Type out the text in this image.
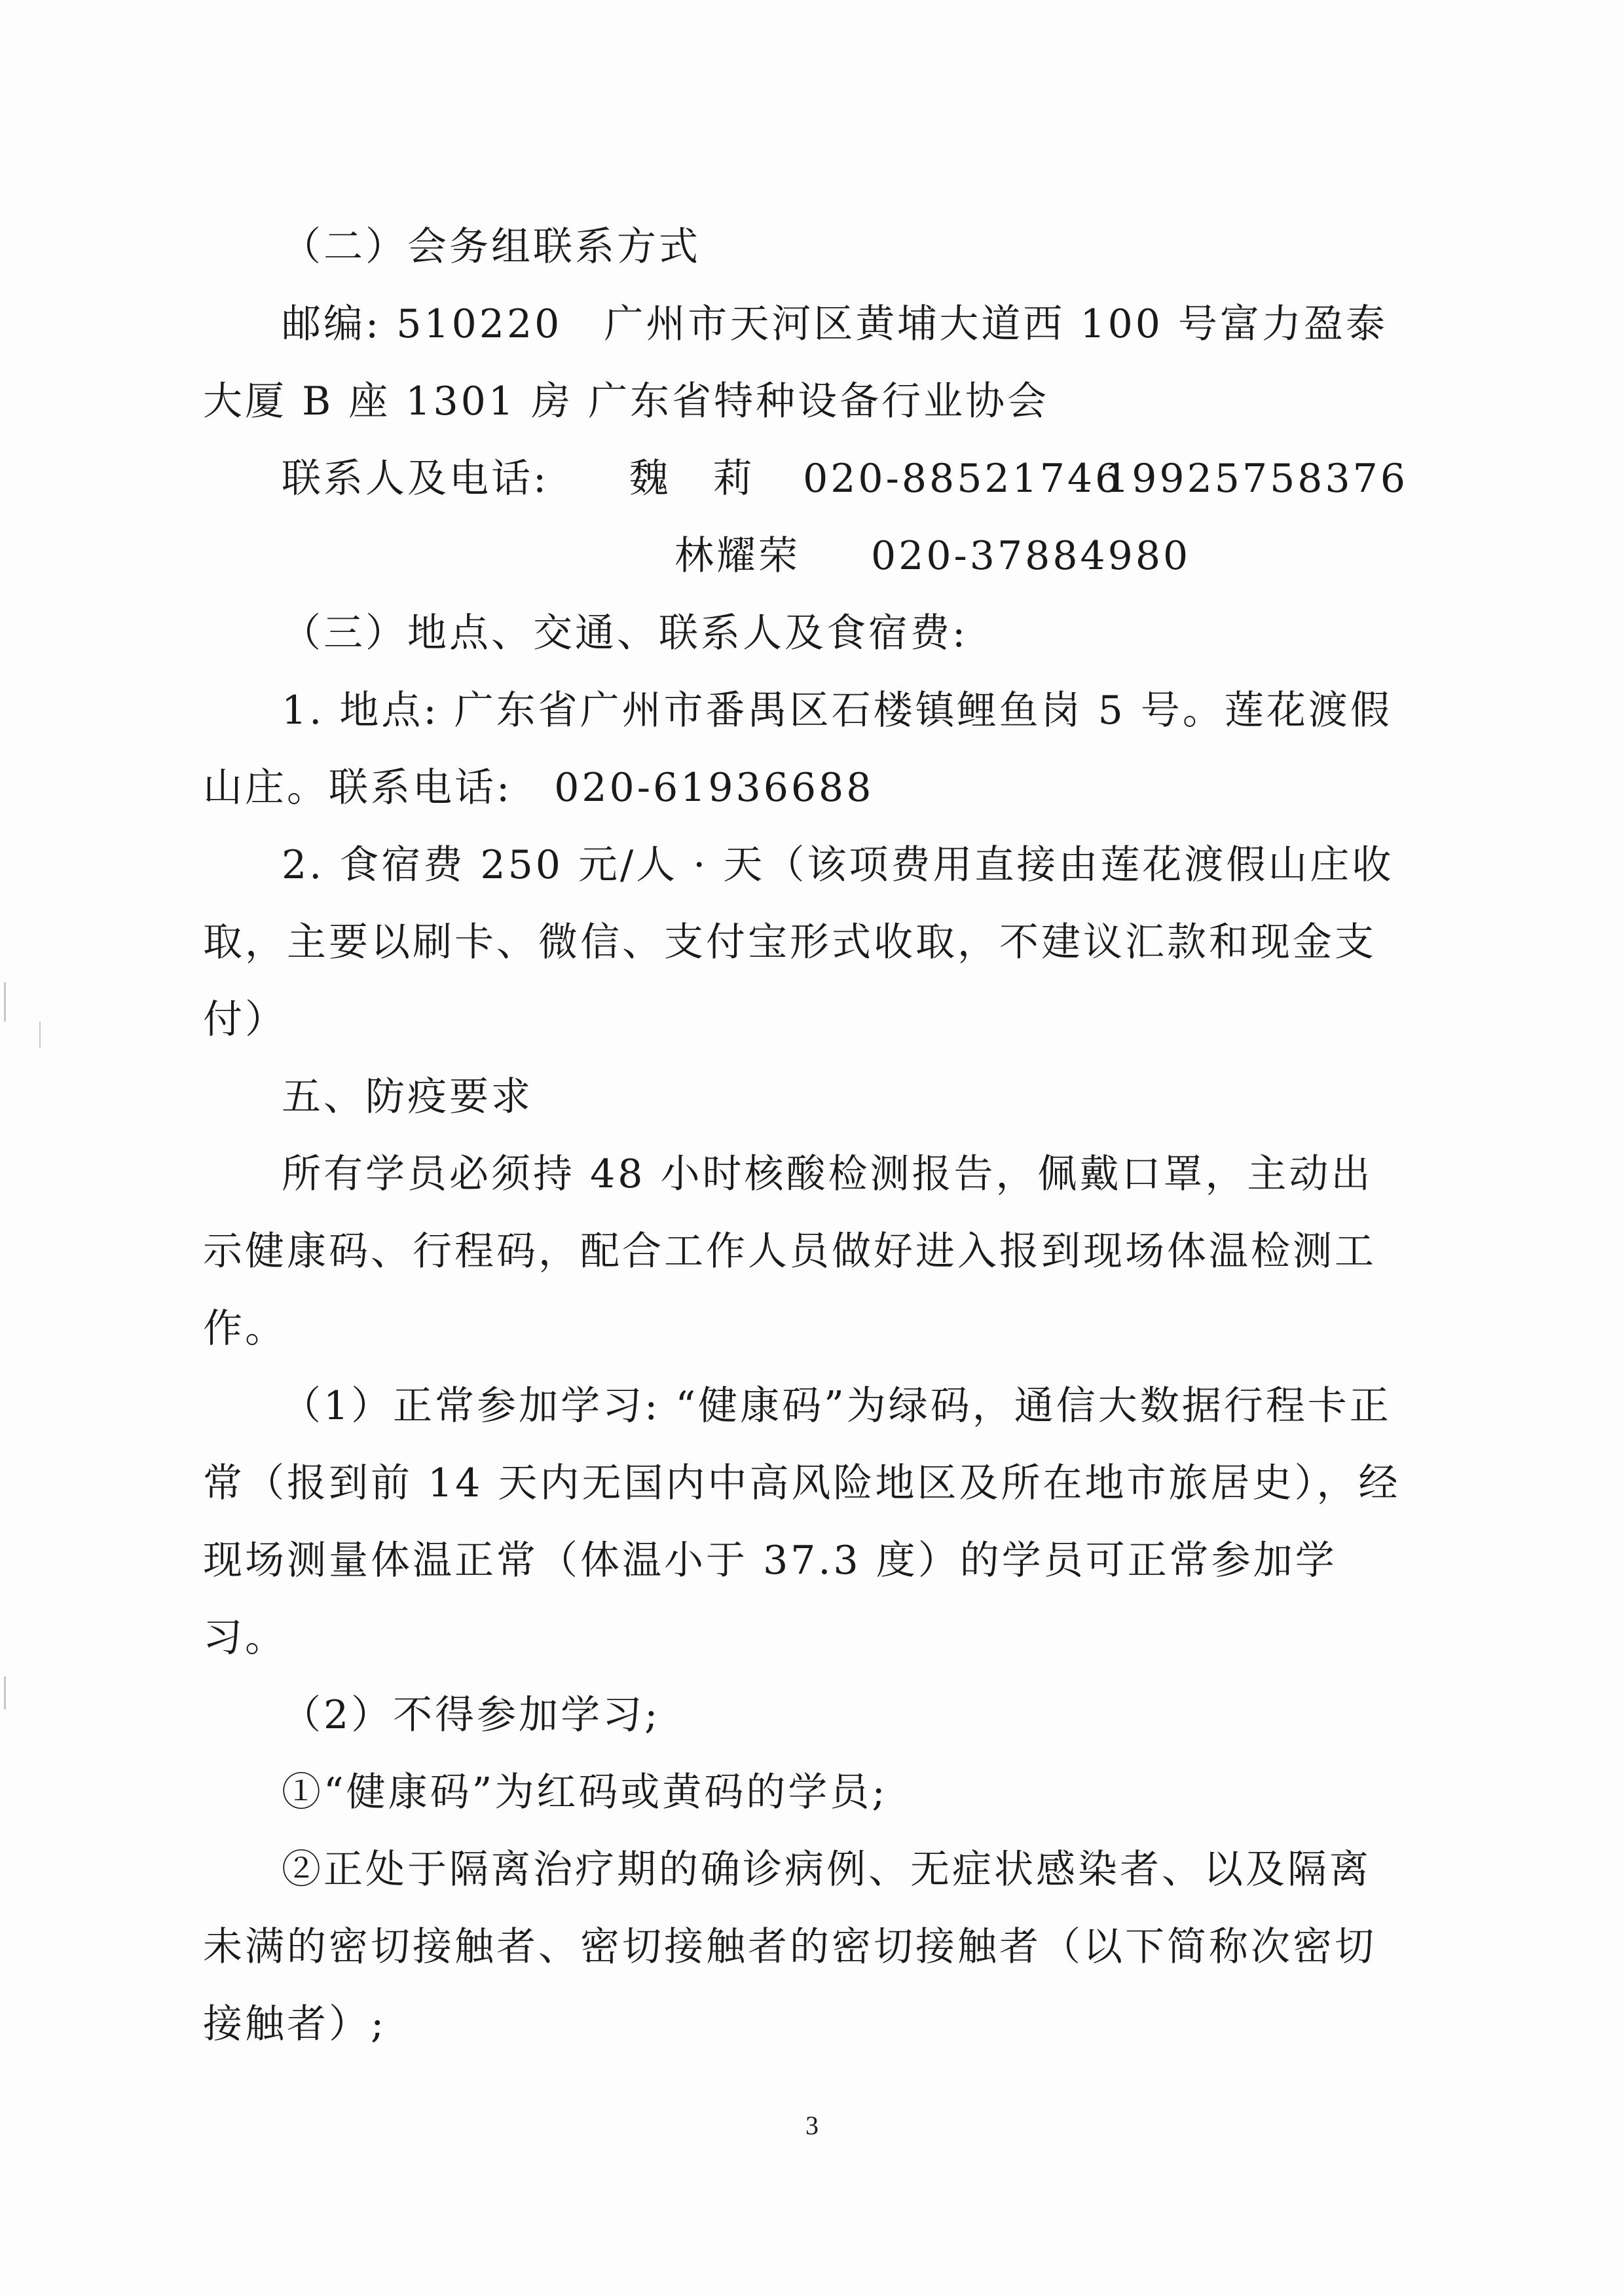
（二）会务组联系方式

邮编: 510220　广州市天河区黄埔大道西 100 号富力盈泰大厦 B 座 1301 房 广东省特种设备行业协会

联系人及电话:	魏　莉	020-88521746
19925758376
林耀荣	020-37884980

（三）地点、交通、联系人及食宿费:

1. 地点: 广东省广州市番禺区石楼镇鲤鱼岗 5 号。莲花渡假山庄。联系电话:　020-61936688

2. 食宿费 250 元/人 · 天（该项费用直接由莲花渡假山庄收取，主要以刷卡、微信、支付宝形式收取，不建议汇款和现金支付）

五、防疫要求

所有学员必须持 48 小时核酸检测报告，佩戴口罩，主动出示健康码、行程码，配合工作人员做好进入报到现场体温检测工作。

（1）正常参加学习: “健康码”为绿码，通信大数据行程卡正常（报到前 14 天内无国内中高风险地区及所在地市旅居史），经现场测量体温正常（体温小于 37.3 度）的学员可正常参加学习。

（2）不得参加学习;

①“健康码”为红码或黄码的学员;

②正处于隔离治疗期的确诊病例、无症状感染者、以及隔离未满的密切接触者、密切接触者的密切接触者（以下简称次密切接触者）;

3
